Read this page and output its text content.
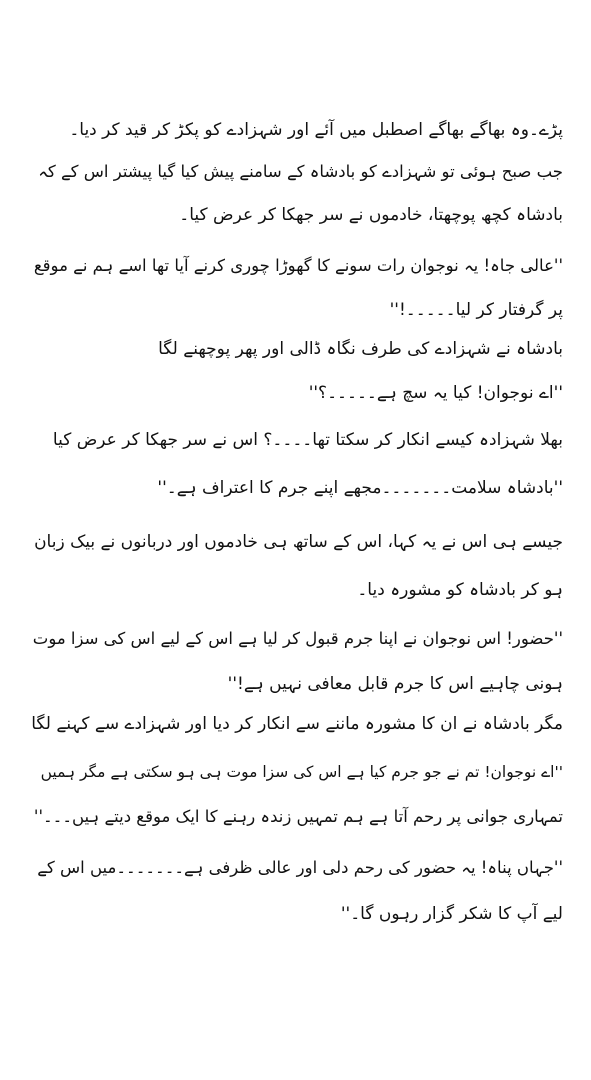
پڑے۔وہ بھاگے بھاگے اصطبل میں آئے اور شہزادے کو پکڑ کر قید کر دیا۔
جب صبح ہوئی تو شہزادے کو بادشاہ کے سامنے پیش کیا گیا پیشتر اس کے کہ
بادشاہ کچھ پوچھتا، خادموں نے سر جھکا کر عرض کیا۔
''عالی جاہ! یہ نوجوان رات سونے کا گھوڑا چوری کرنے آیا تھا اسے ہم نے موقع
پر گرفتار کر لیا۔۔۔۔۔!''
بادشاہ نے شہزادے کی طرف نگاہ ڈالی اور پھر پوچھنے لگا
''اے نوجوان! کیا یہ سچ ہے۔۔۔۔۔؟''
بھلا شہزادہ کیسے انکار کر سکتا تھا۔۔۔۔؟ اس نے سر جھکا کر عرض کیا
''بادشاہ سلامت۔۔۔۔۔۔۔مجھے اپنے جرم کا اعتراف ہے۔''
جیسے ہی اس نے یہ کہا، اس کے ساتھ ہی خادموں اور دربانوں نے بیک زبان
ہو کر بادشاہ کو مشورہ دیا۔
''حضور! اس نوجوان نے اپنا جرم قبول کر لیا ہے اس کے لیے اس کی سزا موت
ہونی چاہیے اس کا جرم قابل معافی نہیں ہے!''
مگر بادشاہ نے ان کا مشورہ ماننے سے انکار کر دیا اور شہزادے سے کہنے لگا
''اے نوجوان! تم نے جو جرم کیا ہے اس کی سزا موت ہی ہو سکتی ہے مگر ہمیں
تمہاری جوانی پر رحم آتا ہے ہم تمہیں زندہ رہنے کا ایک موقع دیتے ہیں۔۔۔''
''جہاں پناہ! یہ حضور کی رحم دلی اور عالی ظرفی ہے۔۔۔۔۔۔۔میں اس کے
لیے آپ کا شکر گزار رہوں گا۔''
